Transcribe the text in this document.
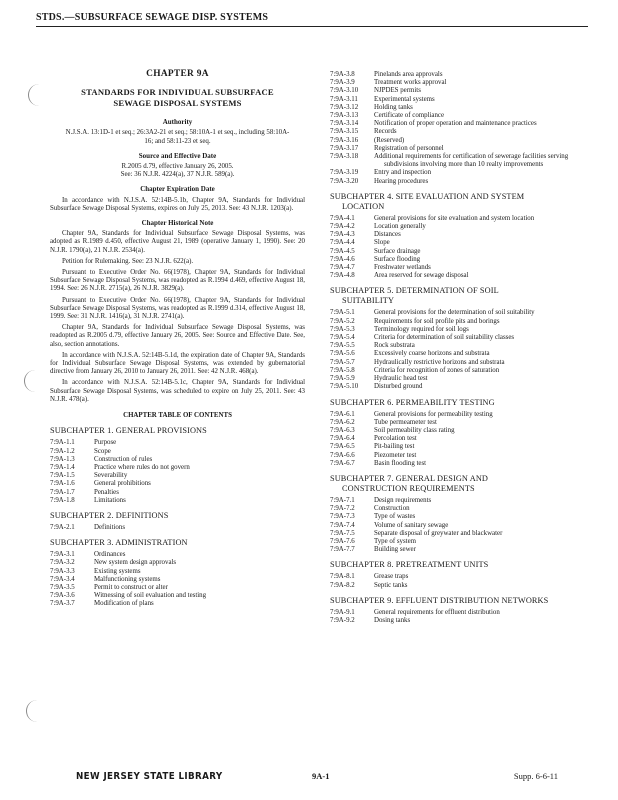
STDS.—SUBSURFACE SEWAGE DISP. SYSTEMS
CHAPTER 9A
STANDARDS FOR INDIVIDUAL SUBSURFACE
SEWAGE DISPOSAL SYSTEMS
Authority
N.J.S.A. 13:1D-1 et seq.; 26:3A2-21 et seq.; 58:10A-1 et seq., including 58:10A-16; and 58:11-23 et seq.
Source and Effective Date
R.2005 d.79, effective January 26, 2005.
See: 36 N.J.R. 4224(a), 37 N.J.R. 589(a).
Chapter Expiration Date

In accordance with N.J.S.A. 52:14B-5.1b, Chapter 9A, Standards for Individual Subsurface Sewage Disposal Systems, expires on July 25, 2013. See: 43 N.J.R. 1203(a).

Chapter Historical Note

Chapter 9A, Standards for Individual Subsurface Sewage Disposal Systems, was adopted as R.1989 d.450, effective August 21, 1989 (operative January 1, 1990). See: 20 N.J.R. 1790(a), 21 N.J.R. 2534(a).

Petition for Rulemaking. See: 23 N.J.R. 622(a).

Pursuant to Executive Order No. 66(1978), Chapter 9A, Standards for Individual Subsurface Sewage Disposal Systems, was readopted as R.1994 d.469, effective August 18, 1994. See: 26 N.J.R. 2715(a), 26 N.J.R. 3829(a).

Pursuant to Executive Order No. 66(1978), Chapter 9A, Standards for Individual Subsurface Sewage Disposal Systems, was readopted as R.1999 d.314, effective August 18, 1999. See: 31 N.J.R. 1416(a), 31 N.J.R. 2741(a).

Chapter 9A, Standards for Individual Subsurface Sewage Disposal Systems, was readopted as R.2005 d.79, effective January 26, 2005. See: Source and Effective Date. See, also, section annotations.

In accordance with N.J.S.A. 52:14B-5.1d, the expiration date of Chapter 9A, Standards for Individual Subsurface Sewage Disposal Systems, was extended by gubernatorial directive from January 26, 2010 to January 26, 2011. See: 42 N.J.R. 468(a).

In accordance with N.J.S.A. 52:14B-5.1c, Chapter 9A, Standards for Individual Subsurface Sewage Disposal Systems, was scheduled to expire on July 25, 2011. See: 43 N.J.R. 478(a).

CHAPTER TABLE OF CONTENTS
SUBCHAPTER 1. GENERAL PROVISIONS
7:9A-1.1	Purpose
7:9A-1.2	Scope
7:9A-1.3	Construction of rules
7:9A-1.4	Practice where rules do not govern
7:9A-1.5	Severability
7:9A-1.6	General prohibitions
7:9A-1.7	Penalties
7:9A-1.8	Limitations
SUBCHAPTER 2. DEFINITIONS
7:9A-2.1	Definitions
SUBCHAPTER 3. ADMINISTRATION
7:9A-3.1	Ordinances
7:9A-3.2	New system design approvals
7:9A-3.3	Existing systems
7:9A-3.4	Malfunctioning systems
7:9A-3.5	Permit to construct or alter
7:9A-3.6	Witnessing of soil evaluation and testing
7:9A-3.7	Modification of plans
7:9A-3.8	Pinelands area approvals
7:9A-3.9	Treatment works approval
7:9A-3.10	NJPDES permits
7:9A-3.11	Experimental systems
7:9A-3.12	Holding tanks
7:9A-3.13	Certificate of compliance
7:9A-3.14	Notification of proper operation and maintenance practices
7:9A-3.15	Records
7:9A-3.16	(Reserved)
7:9A-3.17	Registration of personnel
7:9A-3.18	Additional requirements for certification of sewerage facilities serving subdivisions involving more than 10 realty improvements
7:9A-3.19	Entry and inspection
7:9A-3.20	Hearing procedures
SUBCHAPTER 4. SITE EVALUATION AND SYSTEM
LOCATION
7:9A-4.1	General provisions for site evaluation and system location
7:9A-4.2	Location generally
7:9A-4.3	Distances
7:9A-4.4	Slope
7:9A-4.5	Surface drainage
7:9A-4.6	Surface flooding
7:9A-4.7	Freshwater wetlands
7:9A-4.8	Area reserved for sewage disposal
SUBCHAPTER 5. DETERMINATION OF SOIL
SUITABILITY
7:9A-5.1	General provisions for the determination of soil suitability
7:9A-5.2	Requirements for soil profile pits and borings
7:9A-5.3	Terminology required for soil logs
7:9A-5.4	Criteria for determination of soil suitability classes
7:9A-5.5	Rock substrata
7:9A-5.6	Excessively coarse horizons and substrata
7:9A-5.7	Hydraulically restrictive horizons and substrata
7:9A-5.8	Criteria for recognition of zones of saturation
7:9A-5.9	Hydraulic head test
7:9A-5.10	Disturbed ground
SUBCHAPTER 6. PERMEABILITY TESTING
7:9A-6.1	General provisions for permeability testing
7:9A-6.2	Tube permeameter test
7:9A-6.3	Soil permeability class rating
7:9A-6.4	Percolation test
7:9A-6.5	Pit-bailing test
7:9A-6.6	Piezometer test
7:9A-6.7	Basin flooding test
SUBCHAPTER 7. GENERAL DESIGN AND
CONSTRUCTION REQUIREMENTS
7:9A-7.1	Design requirements
7:9A-7.2	Construction
7:9A-7.3	Type of wastes
7:9A-7.4	Volume of sanitary sewage
7:9A-7.5	Separate disposal of greywater and blackwater
7:9A-7.6	Type of system
7:9A-7.7	Building sewer
SUBCHAPTER 8. PRETREATMENT UNITS
7:9A-8.1	Grease traps
7:9A-8.2	Septic tanks
SUBCHAPTER 9. EFFLUENT DISTRIBUTION NETWORKS
7:9A-9.1	General requirements for effluent distribution
7:9A-9.2	Dosing tanks
NEW JERSEY STATE LIBRARY	9A-1	Supp. 6-6-11
